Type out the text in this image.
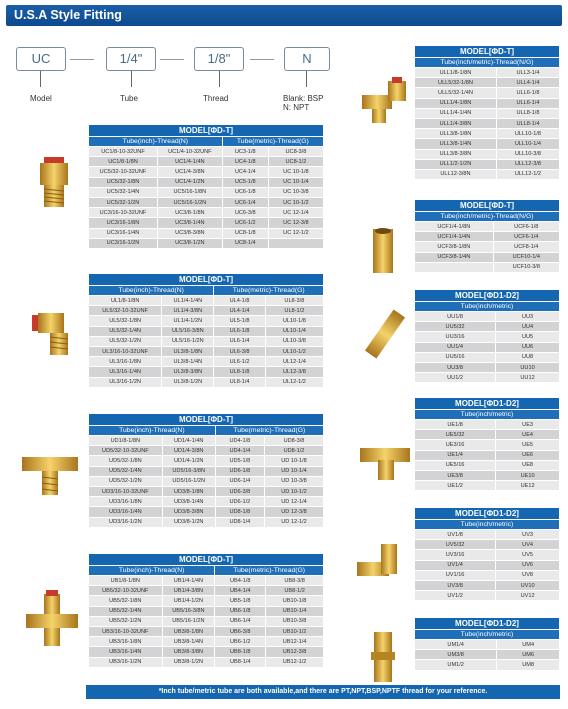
U.S.A Style Fitting
UC	1/4"	1/8"	N
Model	Tube	Thread	Blank: BSP
N: NPT
MODEL[ΦD-T]			
Tube(inch)-Thread(N)		Tube(metric)-Thread(G)	
UC1/8-10-32UNF	UC1/4-10-32UNF	UC3-1/8	UC8-3/8
UC1/8-1/8N	UC1/4-1/4N	UC4-1/8	UC8-1/2
UC5/32-10-32UNF	UC1/4-3/8N	UC4-1/4	UC 10-1/8
UC5/32-1/8N	UC1/4-1/2N	UC5-1/8	UC 10-1/4
UC5/32-1/4N	UC5/16-1/8N	UC6-1/8	UC 10-3/8
UC5/32-1/2N	UC5/16-1/2N	UC6-1/4	UC 10-1/2
UC3/16-10-32UNF	UC3/8-1/8N	UC6-3/8	UC 12-1/4
UC3/16-1/8N	UC3/8-1/4N	UC6-1/2	UC 12-3/8
UC3/16-1/4N	UC3/8-3/8N	UC8-1/8	UC 12-1/2
UC3/16-1/2N	UC3/8-1/2N	UC8-1/4	
MODEL[ΦD-T]			
Tube(inch)-Thread(N)		Tube(metric)-Thread(G)	
UL1/8-1/8N	UL1/4-1/4N	UL4-1/8	UL8-3/8
UL5/32-10-32UNF	UL1/4-3/8N	UL4-1/4	UL8-1/2
UL5/32-1/8N	UL1/4-1/2N	UL5-1/8	UL10-1/8
UL5/32-1/4N	UL5/16-3/8N	UL6-1/8	UL10-1/4
UL5/32-1/2N	UL5/16-1/2N	UL6-1/4	UL10-3/8
UL3/16-10-32UNF	UL3/8-1/8N	UL6-3/8	UL10-1/2
UL3/16-1/8N	UL3/8-1/4N	UL6-1/2	UL12-1/4
UL3/16-1/4N	UL3/8-3/8N	UL8-1/8	UL12-3/8
UL3/16-1/2N	UL3/8-1/2N	UL8-1/4	UL12-1/2
MODEL[ΦD-T]			
Tube(inch)-Thread(N)		Tube(metric)-Thread(G)	
UD1/8-1/8N	UD1/4-1/4N	UD4-1/8	UD8-3/8
UD5/32-10-32UNF	UD1/4-3/8N	UD4-1/4	UD8-1/2
UD5/32-1/8N	UD1/4-1/2N	UD5-1/8	UD 10-1/8
UD5/32-1/4N	UD5/16-3/8N	UD6-1/8	UD 10-1/4
UD5/32-1/2N	UD5/16-1/2N	UD6-1/4	UD 10-3/8
UD3/16-10-32UNF	UD3/8-1/8N	UD6-3/8	UD 10-1/2
UD3/16-1/8N	UD3/8-1/4N	UD6-1/2	UD 12-1/4
UD3/16-1/4N	UD3/8-3/8N	UD8-1/8	UD 12-3/8
UD3/16-1/2N	UD3/8-1/2N	UD8-1/4	UD 12-1/2
MODEL[ΦD-T]			
Tube(inch)-Thread(N)		Tube(metric)-Thread(G)	
UB1/8-1/8N	UB1/4-1/4N	UB4-1/8	UB8-3/8
UB5/32-10-32UNF	UB1/4-3/8N	UB4-1/4	UB8-1/2
UB5/32-1/8N	UB1/4-1/2N	UB5-1/8	UB10-1/8
UB5/32-1/4N	UB5/16-3/8N	UB6-1/8	UB10-1/4
UB5/32-1/2N	UB5/16-1/2N	UB6-1/4	UB10-3/8
UB3/16-10-32UNF	UB3/8-1/8N	UB6-3/8	UB10-1/2
UB3/16-1/8N	UB3/8-1/4N	UB6-1/2	UB12-1/4
UB3/16-1/4N	UB3/8-3/8N	UB8-1/8	UB12-3/8
UB3/16-1/2N	UB3/8-1/2N	UB8-1/4	UB12-1/2
MODEL[ΦD-T]	
Tube(inch/metric)-Thread(N/G)	
ULL1/8-1/8N	ULL3-1/4
ULL5/32-1/8N	ULL4-1/4
ULL5/32-1/4N	ULL6-1/8
ULL1/4-1/8N	ULL6-1/4
ULL1/4-1/4N	ULL8-1/8
ULL1/4-3/8N	ULL8-1/4
ULL3/8-1/8N	ULL10-1/8
ULL3/8-1/4N	ULL10-1/4
ULL3/8-3/8N	ULL10-3/8
ULL1/2-1/2N	ULL12-3/8
ULL12-3/8N	ULL12-1/2
MODEL[ΦD-T]	
Tube(inch/metric)-Thread(N/G)	
UCF1/4-1/8N	UCF6-1/8
UCF1/4-1/4N	UCF6-1/4
UCF3/8-1/8N	UCF8-1/4
UCF3/8-1/4N	UCF10-1/4
	UCF10-3/8
MODEL[ΦD1-D2]	
Tube(inch/metric)	
UU1/8	UU3
UU5/32	UU4
UU3/16	UU5
UU1/4	UU6
UU5/16	UU8
UU3/8	UU10
UU1/2	UU12
MODEL[ΦD1-D2]	
Tube(inch/metric)	
UE1/8	UE3
UE5/32	UE4
UE3/16	UE5
UE1/4	UE6
UE5/16	UE8
UE3/8	UE10
UE1/2	UE12
MODEL[ΦD1-D2]	
Tube(inch/metric)	
UV1/8	UV3
UV5/32	UV4
UV3/16	UV5
UV1/4	UV6
UV1/16	UV8
UV3/8	UV10
UV1/2	UV12
MODEL[ΦD1-D2]	
Tube(inch/metric)	
UM1/4	UM4
UM3/8	UM6
UM1/2	UM8
*Inch tube/metric tube are both available,and there are PT,NPT,BSP,NPTF thread for your reference.
